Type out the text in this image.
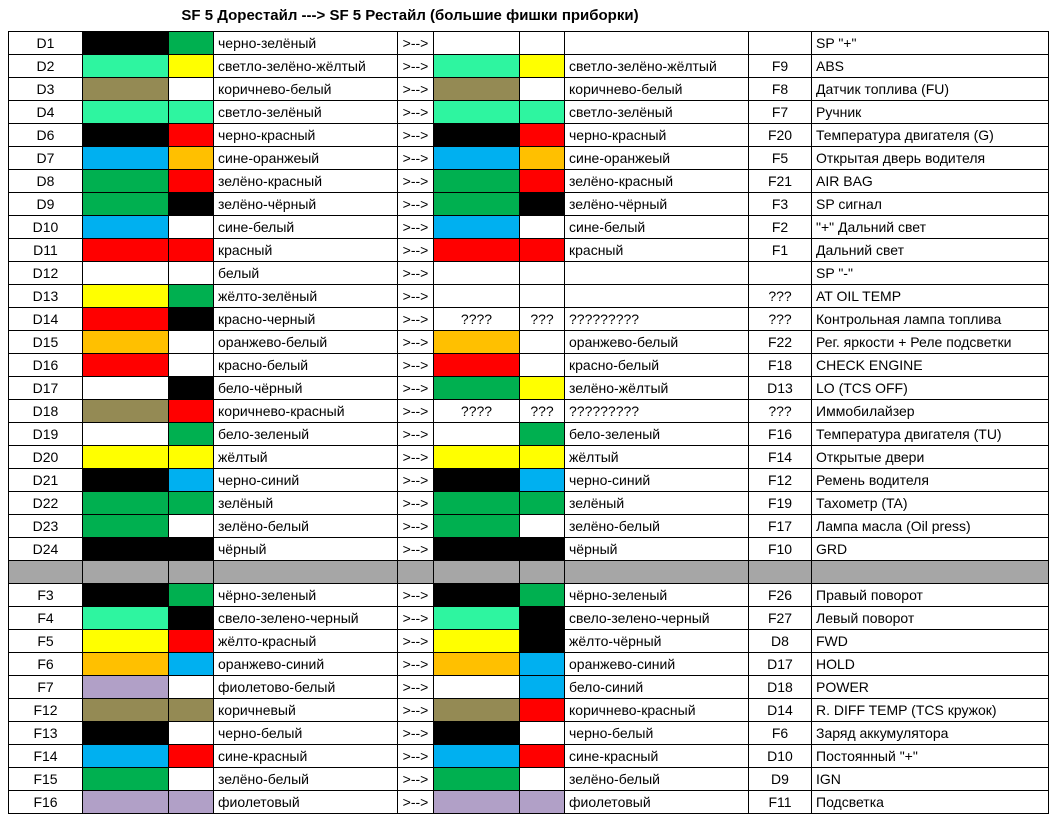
SF 5 Дорестайл ---> SF 5 Рестайл (большие фишки приборки)
D1			черно-зелёный	>-->					SP "+"
D2			светло-зелёно-жёлтый	>-->			светло-зелёно-жёлтый	F9	ABS
D3			коричнево-белый	>-->			коричнево-белый	F8	Датчик топлива (FU)
D4			светло-зелёный	>-->			светло-зелёный	F7	Ручник
D6			черно-красный	>-->			черно-красный	F20	Температура двигателя (G)
D7			сине-оранжеый	>-->			сине-оранжеый	F5	Открытая дверь водителя
D8			зелёно-красный	>-->			зелёно-красный	F21	AIR BAG
D9			зелёно-чёрный	>-->			зелёно-чёрный	F3	SP сигнал
D10			сине-белый	>-->			сине-белый	F2	"+" Дальний свет
D11			красный	>-->			красный	F1	Дальний свет
D12			белый	>-->					SP "-"
D13			жёлто-зелёный	>-->				???	AT OIL TEMP
D14			красно-черный	>-->	????	???	?????????	???	Контрольная лампа топлива
D15			оранжево-белый	>-->			оранжево-белый	F22	Рег. яркости + Реле подсветки
D16			красно-белый	>-->			красно-белый	F18	CHECK ENGINE
D17			бело-чёрный	>-->			зелёно-жёлтый	D13	LO (TCS OFF)
D18			коричнево-красный	>-->	????	???	?????????	???	Иммобилайзер
D19			бело-зеленый	>-->			бело-зеленый	F16	Температура двигателя (TU)
D20			жёлтый	>-->			жёлтый	F14	Открытые двери
D21			черно-синий	>-->			черно-синий	F12	Ремень водителя
D22			зелёный	>-->			зелёный	F19	Тахометр (TA)
D23			зелёно-белый	>-->			зелёно-белый	F17	Лампа масла (Oil press)
D24			чёрный	>-->			чёрный	F10	GRD

F3			чёрно-зеленый	>-->			чёрно-зеленый	F26	Правый поворот
F4			свело-зелено-черный	>-->			свело-зелено-черный	F27	Левый поворот
F5			жёлто-красный	>-->			жёлто-чёрный	D8	FWD
F6			оранжево-синий	>-->			оранжево-синий	D17	HOLD
F7			фиолетово-белый	>-->			бело-синий	D18	POWER
F12			коричневый	>-->			коричнево-красный	D14	R. DIFF TEMP (TCS кружок)
F13			черно-белый	>-->			черно-белый	F6	Заряд аккумулятора
F14			сине-красный	>-->			сине-красный	D10	Постоянный "+"
F15			зелёно-белый	>-->			зелёно-белый	D9	IGN
F16			фиолетовый	>-->			фиолетовый	F11	Подсветка
